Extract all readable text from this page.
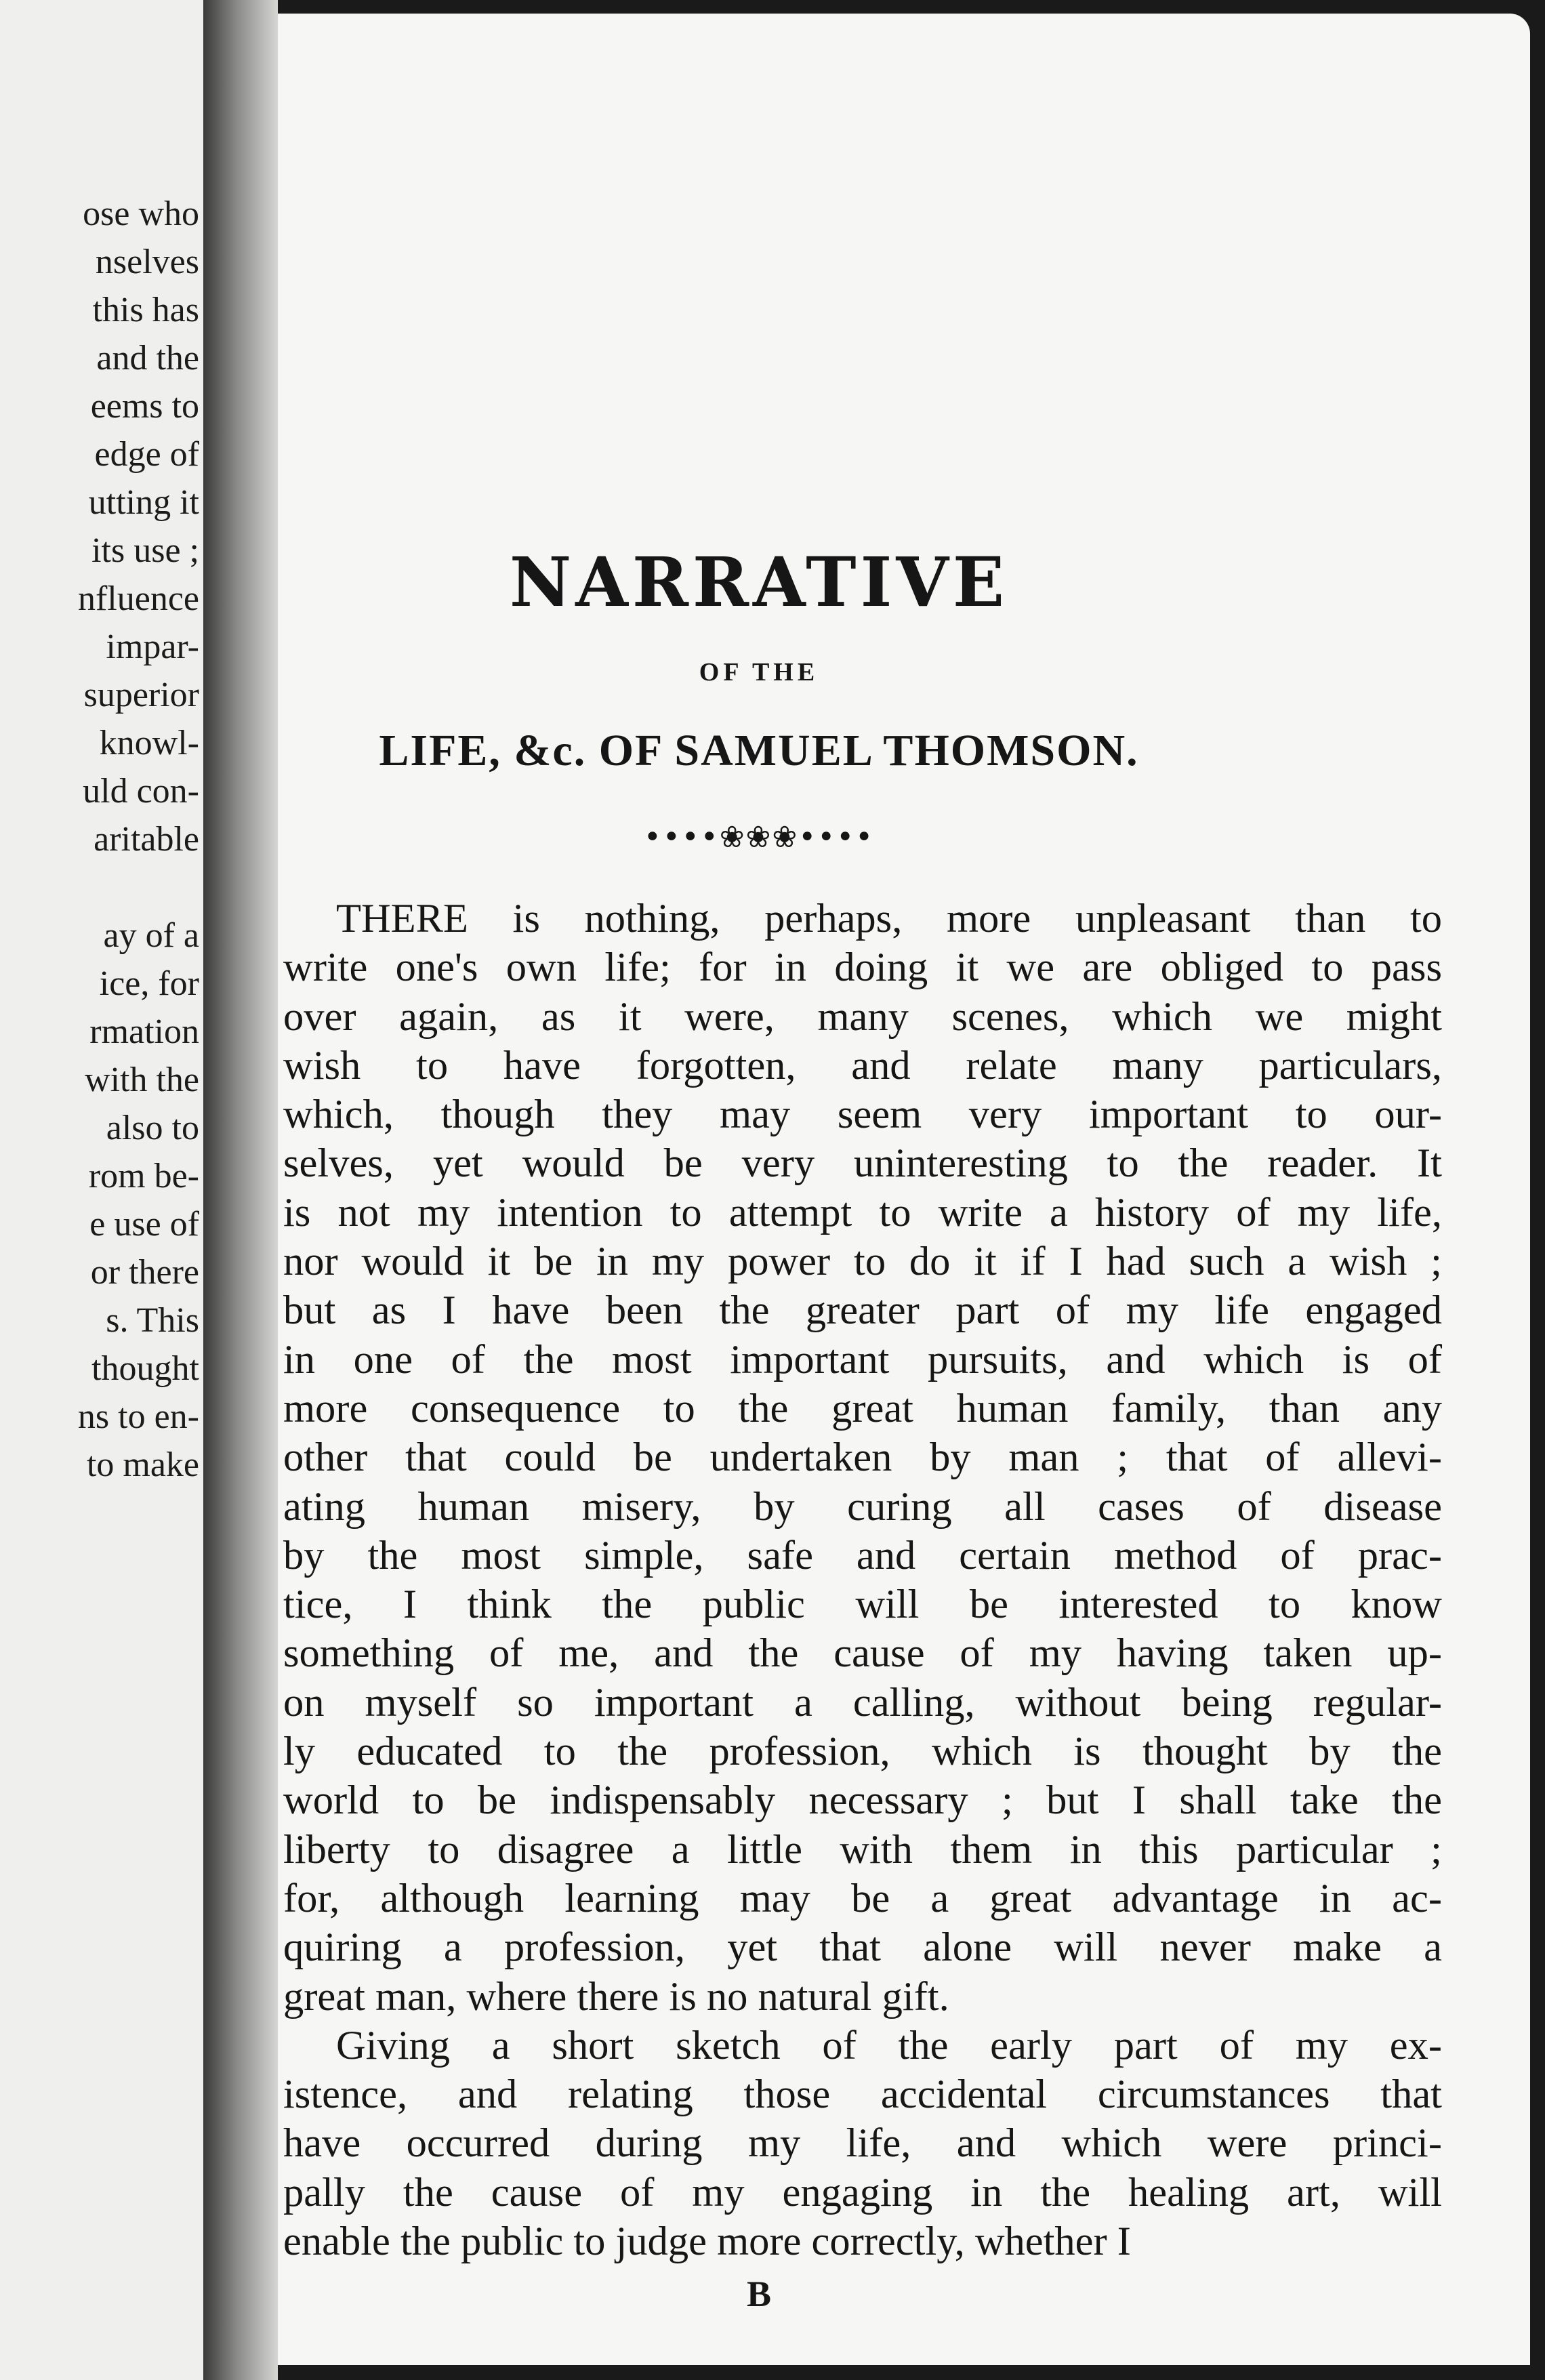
ose who
nselves
this has
and the
eems to
edge of
utting it
its use ;
nfluence
impar-
superior
knowl-
uld con-
aritable

ay of a
ice, for
rmation
with the
also to
rom be-
e use of
or there
s. This
thought
ns to en-
to make
NARRATIVE
OF THE
LIFE, &c. OF SAMUEL THOMSON.
••••❀❀❀••••
THERE is nothing, perhaps, more unpleasant than to
write one's own life; for in doing it we are obliged to pass
over again, as it were, many scenes, which we might
wish to have forgotten, and relate many particulars,
which, though they may seem very important to our-
selves, yet would be very uninteresting to the reader. It
is not my intention to attempt to write a history of my life,
nor would it be in my power to do it if I had such a wish ;
but as I have been the greater part of my life engaged
in one of the most important pursuits, and which is of
more consequence to the great human family, than any
other that could be undertaken by man ; that of allevi-
ating human misery, by curing all cases of disease
by the most simple, safe and certain method of prac-
tice, I think the public will be interested to know
something of me, and the cause of my having taken up-
on myself so important a calling, without being regular-
ly educated to the profession, which is thought by the
world to be indispensably necessary ; but I shall take the
liberty to disagree a little with them in this particular ;
for, although learning may be a great advantage in ac-
quiring a profession, yet that alone will never make a
great man, where there is no natural gift.
Giving a short sketch of the early part of my ex-
istence, and relating those accidental circumstances that
have occurred during my life, and which were princi-
pally the cause of my engaging in the healing art, will
enable the public to judge more correctly, whether I
B
